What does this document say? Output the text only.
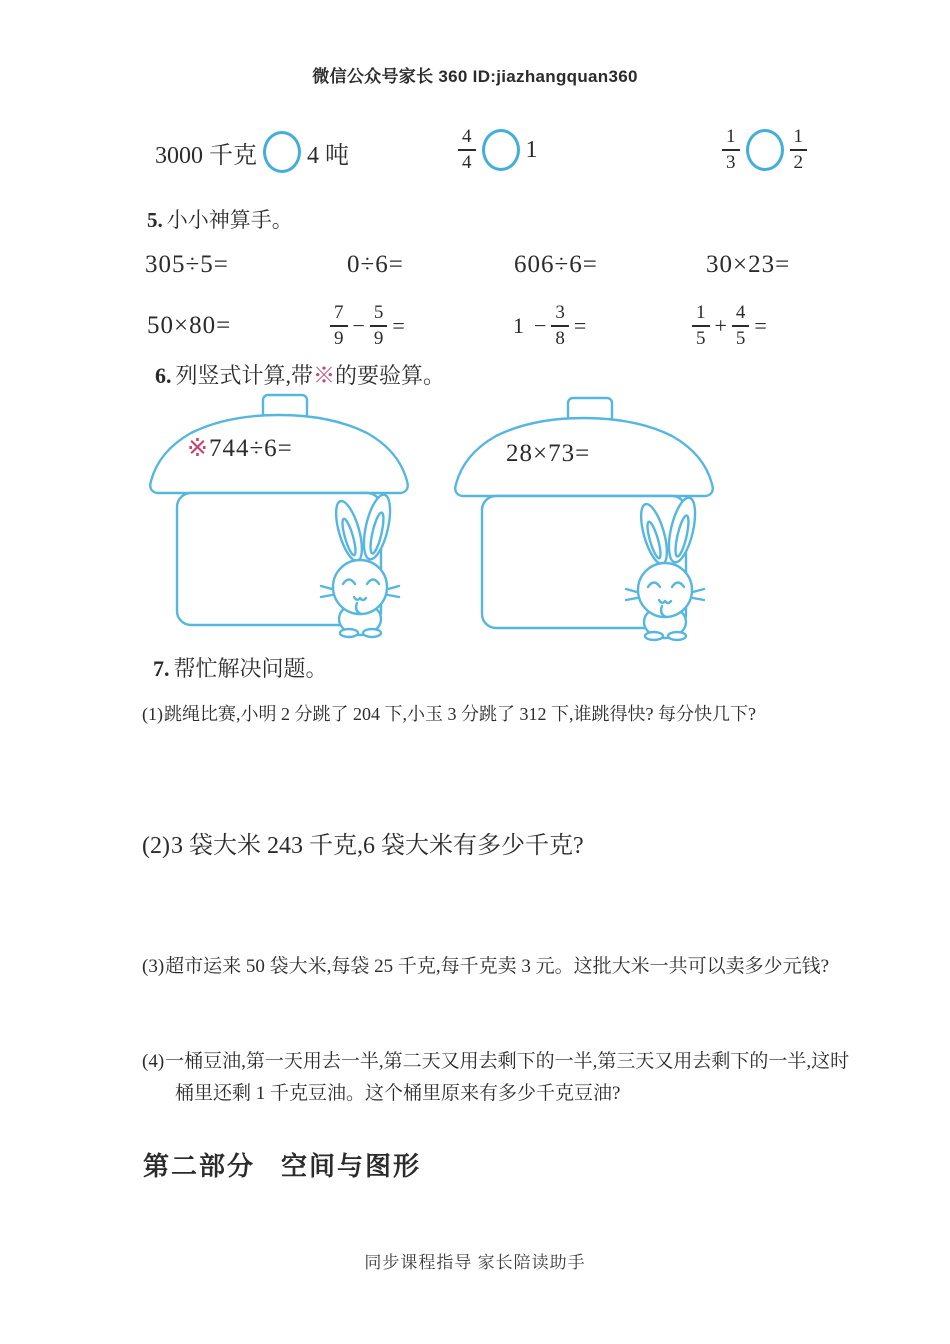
微信公众号家长 360 ID:jiazhangquan360
3000 千克 4 吨	$\frac{4}{4} 1$	$\frac{1}{3}$	$\frac{1}{2}$
5. 小小神算手。
305÷5=	0÷6=	606÷6=	30×23=
50×80=	$\frac{7}{9} - \frac{5}{9}$ =	$1 - \frac{3}{8}$ =	$\frac{1}{5} + \frac{4}{5}$ =
6. 列竖式计算,带※的要验算。
※744÷6=	28×73=
7. 帮忙解决问题。
(1)跳绳比赛,小明 2 分跳了 204 下,小玉 3 分跳了 312 下,谁跳得快? 每分快几下?
(2)3 袋大米 243 千克,6 袋大米有多少千克?
(3)超市运来 50 袋大米,每袋 25 千克,每千克卖 3 元。这批大米一共可以卖多少元钱?
(4)一桶豆油,第一天用去一半,第二天又用去剩下的一半,第三天又用去剩下的一半,这时桶里还剩 1 千克豆油。这个桶里原来有多少千克豆油?
第二部分 空间与图形
同步课程指导 家长陪读助手
